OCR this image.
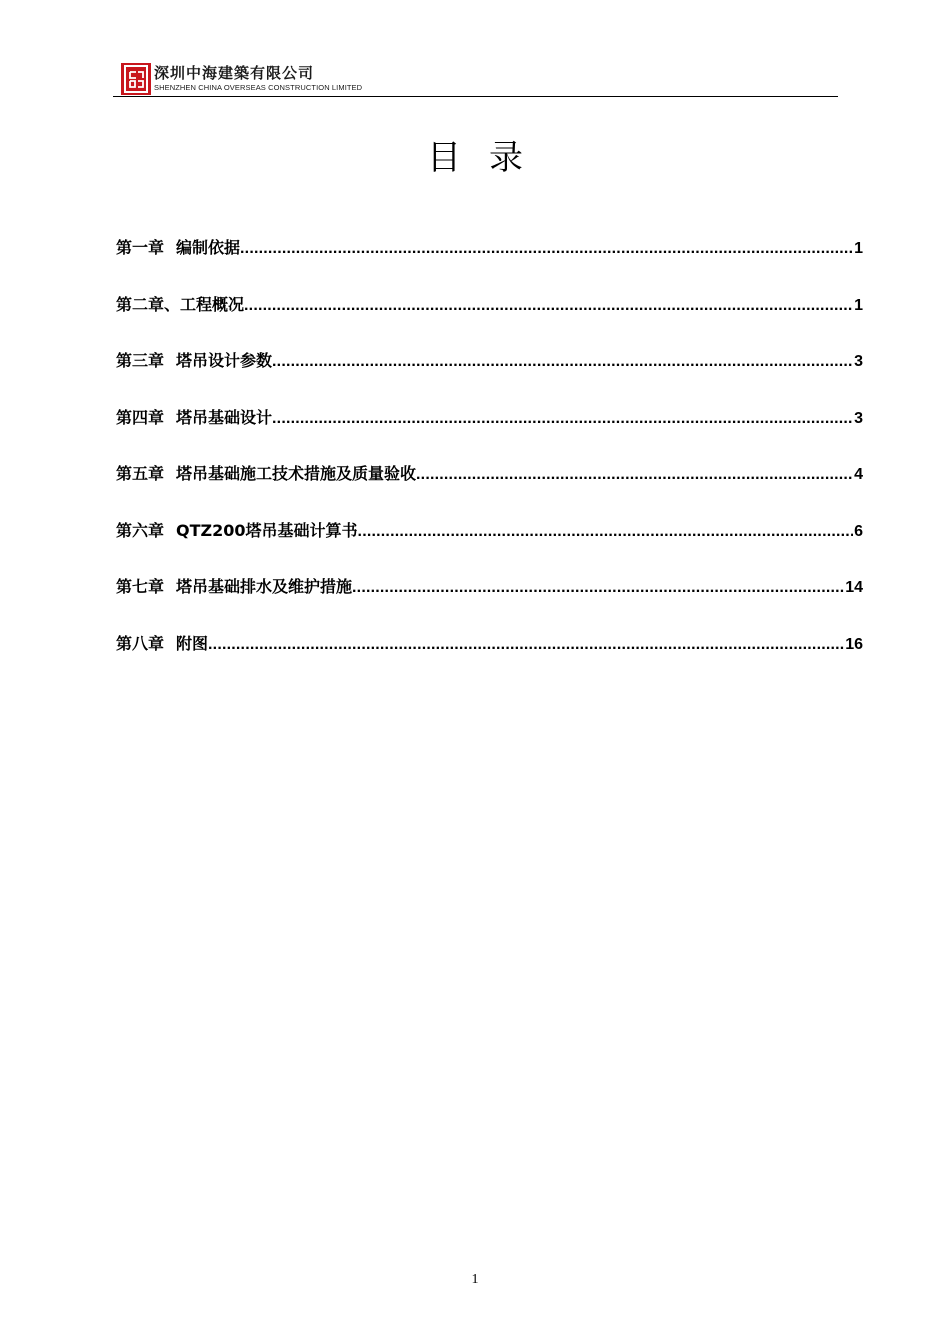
深圳中海建築有限公司
SHENZHEN CHINA OVERSEAS CONSTRUCTION LIMITED
目录
第一章 编制依据 .....	1
第二章、工程概况 .....	1
第三章 塔吊设计参数 .....	3
第四章 塔吊基础设计 .....	3
第五章 塔吊基础施工技术措施及质量验收 .....	4
第六章 QTZ200塔吊基础计算书 .....	6
第七章 塔吊基础排水及维护措施 .....	14
第八章 附图 .....	16
1
